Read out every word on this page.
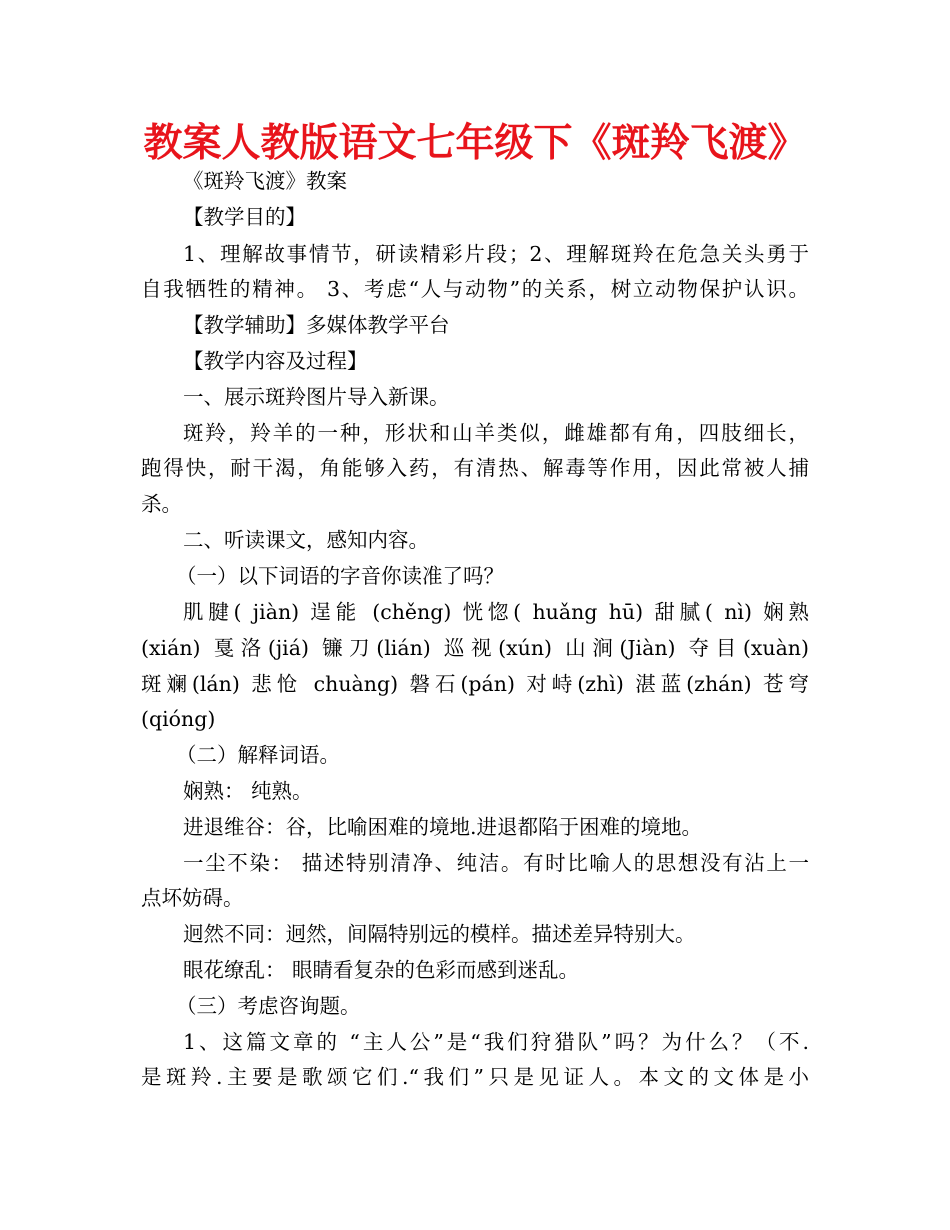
教案人教版语文七年级下《斑羚飞渡》
《斑羚飞渡》教案
【教学目的】
1、理解故事情节，研读精彩片段；2、理解斑羚在危急关头勇于
自我牺牲的精神。 3、考虑“人与动物”的关系，树立动物保护认识。
【教学辅助】多媒体教学平台
【教学内容及过程】
一、展示斑羚图片导入新课。
斑羚，羚羊的一种，形状和山羊类似，雌雄都有角，四肢细长，
跑得快，耐干渴，角能够入药，有清热、解毒等作用，因此常被人捕
杀。
二、听读课文，感知内容。
（一）以下词语的字音你读准了吗？
肌腱( jiàn) 逞能 (chěng) 恍惚( huǎng hū) 甜腻( nì) 娴熟
(xián) 戛洛(jiá) 镰刀(lián) 巡视(xún) 山涧(Jiàn) 夺目(xuàn)
斑斓(lán) 悲怆 chuàng) 磐石(pán) 对峙(zhì) 湛蓝(zhán) 苍穹
(qióng)
（二）解释词语。
娴熟： 纯熟。
进退维谷：谷，比喻困难的境地.进退都陷于困难的境地。
一尘不染： 描述特别清净、纯洁。有时比喻人的思想没有沾上一
点坏妨碍。
迥然不同：迥然，间隔特别远的模样。描述差异特别大。
眼花缭乱： 眼睛看复杂的色彩而感到迷乱。
（三）考虑咨询题。
1、这篇文章的 “主人公”是“我们狩猎队”吗？为什么？（不.
是斑羚.主要是歌颂它们.“我们”只是见证人。本文的文体是小
